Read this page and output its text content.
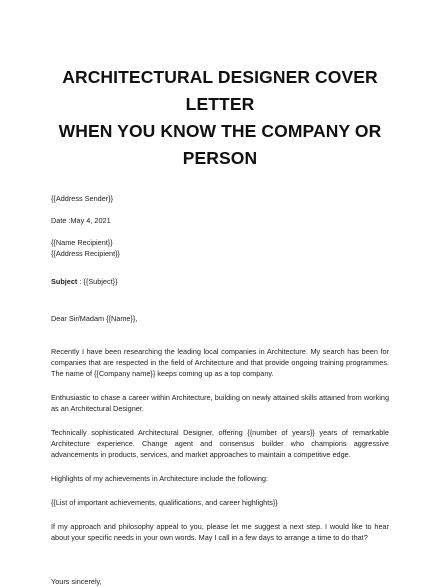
ARCHITECTURAL DESIGNER COVER LETTER
WHEN YOU KNOW THE COMPANY OR
PERSON
{{Address Sender}}
Date :May 4, 2021
{{Name Recipient}}
{{Address Recipient}}
Subject : {{Subject}}
Dear Sir/Madam {{Name}},

Recently I have been researching the leading local companies in Architecture. My search has been for companies that are respected in the field of Architecture and that provide ongoing training programmes. The name of {{Company name}} keeps coming up as a top company.

Enthusiastic to chase a career within Architecture, building on newly attained skills attained from working as an Architectural Designer.

Technically sophisticated Architectural Designer, offering {{number of years}} years of remarkable Architecture experience. Change agent and consensus builder who champions aggressive advancements in products, services, and market approaches to maintain a competitive edge.

Highlights of my achievements in Architecture include the following:

{{List of important achievements, qualifications, and career highlights}}

If my approach and philosophy appeal to you, please let me suggest a next step. I would like to hear about your specific needs in your own words. May I call in a few days to arrange a time to do that?

Yours sincerely,
